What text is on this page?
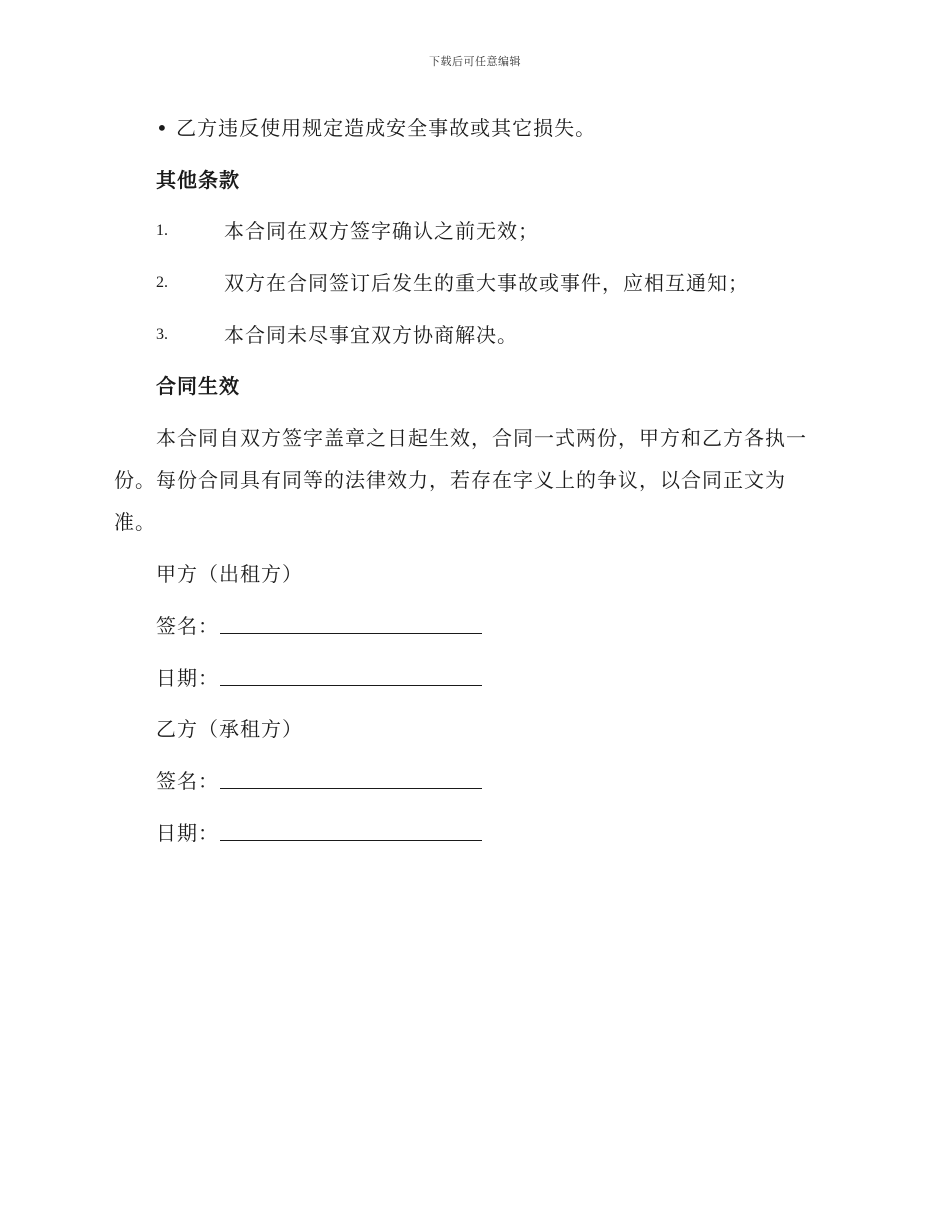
下载后可任意编辑
• 乙方违反使用规定造成安全事故或其它损失。
其他条款
1.	本合同在双方签字确认之前无效；
2.	双方在合同签订后发生的重大事故或事件，应相互通知；
3.	本合同未尽事宜双方协商解决。
合同生效
本合同自双方签字盖章之日起生效，合同一式两份，甲方和乙方各执一
份。每份合同具有同等的法律效力，若存在字义上的争议，以合同正文为
准。
甲方（出租方）
签名：
日期：
乙方（承租方）
签名：
日期：
